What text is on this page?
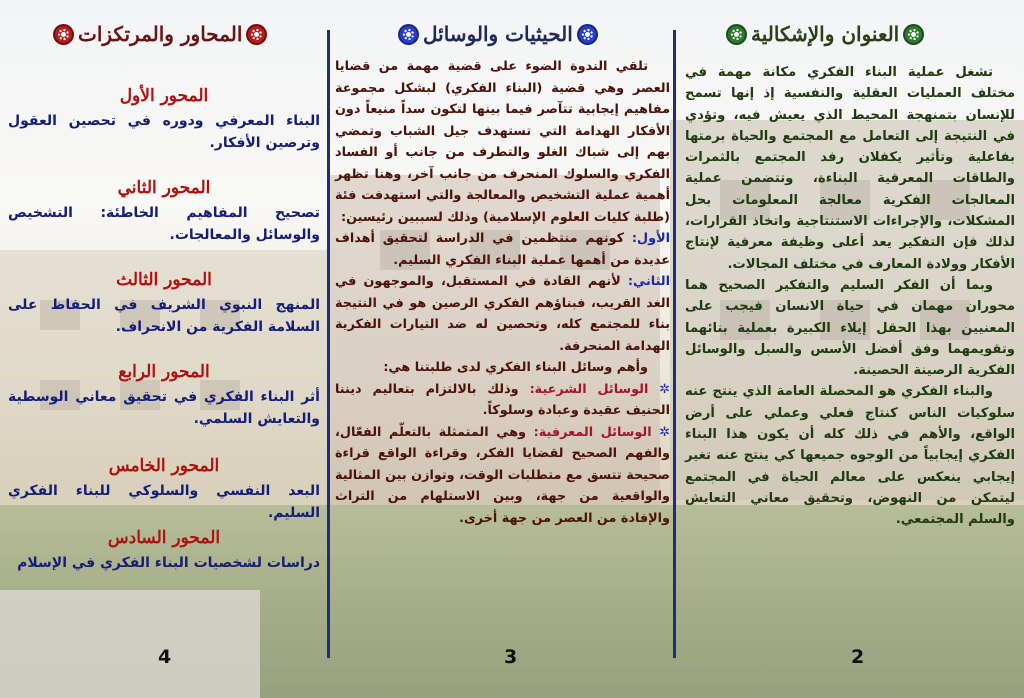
العنوان والإشكالية

تشغل عملية البناء الفكري مكانة مهمة في مختلف العمليات العقلية والنفسية إذ إنها تسمح للإنسان بتمنهجة المحيط الذي يعيش فيه، وتؤدي في النتيجة إلى التعامل مع المجتمع والحياة برمتها بفاعلية وتأثير يكفلان رفد المجتمع بالثمرات والطاقات المعرفية البناءة، وتتضمن عملية المعالجات الفكرية معالجة المعلومات بحل المشكلات، والإجراءات الاستنتاجية واتخاذ القرارات، لذلك فإن التفكير يعد أعلى وظيفة معرفية لإنتاج الأفكار وولادة المعارف في مختلف المجالات.

وبما أن الفكر السليم والتفكير الصحيح هما محوران مهمان في حياة الانسان فيجب على المعنيين بهذا الحقل إيلاء الكبيرة بعملية بنائهما وتقويمهما وفق أفضل الأسس والسبل والوسائل الفكرية الرصينة الحصينة.

والبناء الفكري هو المحصلة العامة الذي ينتج عنه سلوكيات الناس كنتاج فعلي وعملي على أرض الواقع، والأهم في ذلك كله أن يكون هذا البناء الفكري إيجابياً من الوجوه جميعها كي ينتج عنه تغير إيجابي ينعكس على معالم الحياة في المجتمع ليتمكن من النهوض، وتحقيق معاني التعايش والسلم المجتمعي.

2
الحيثيات والوسائل

تلقي الندوة الضوء على قضية مهمة من قضايا العصر وهي قضية (البناء الفكري) لبشكل مجموعة مفاهيم إيجابية تتآصر فيما بينها لتكون سداً منيعاً دون الأفكار الهدامة التي تستهدف جيل الشباب وتمضي بهم إلى شباك الغلو والتطرف من جانب أو الفساد الفكري والسلوك المنحرف من جانب آخر، وهنا تظهر أهمية عملية التشخيص والمعالجة والتي استهدفت فئة (طلبة كليات العلوم الإسلامية) وذلك لسببين رئيسين:

الأول: كونهم منتظمين في الدراسة لتحقيق أهداف عديدة من أهمها عملية البناء الفكري السليم.

الثاني: لأنهم القادة في المستقبل، والموجهون في الغد القريب، فبناؤهم الفكري الرصين هو في النتيجة بناء للمجتمع كله، وتحصين له ضد التيارات الفكرية الهدامة المنحرفة.

وأهم وسائل البناء الفكري لدى طلبتنا هي:

✲ الوسائل الشرعية: وذلك بالالتزام بتعاليم ديننا الحنيف عقيدة وعبادة وسلوكاً.

✲ الوسائل المعرفية: وهي المتمثلة بالتعلّم الفعّال، والفهم الصحيح لقضايا الفكر، وقراءة الواقع قراءة صحيحة تتسق مع متطلبات الوقت، وتوازن بين المثالية والواقعية من جهة، وبين الاستلهام من التراث والإفادة من العصر من جهة أخرى.

3
المحاور والمرتكزات

المحور الأول

البناء المعرفي ودوره في تحصين العقول وترصين الأفكار.

المحور الثاني

تصحيح المفاهيم الخاطئة: التشخيص والوسائل والمعالجات.

المحور الثالث

المنهج النبوي الشريف في الحفاظ على السلامة الفكرية من الانحراف.

المحور الرابع

أثر البناء الفكري في تحقيق معاني الوسطية والتعايش السلمي.

المحور الخامس

البعد النفسي والسلوكي للبناء الفكري السليم.

المحور السادس

دراسات لشخصيات البناء الفكري في الإسلام

4
